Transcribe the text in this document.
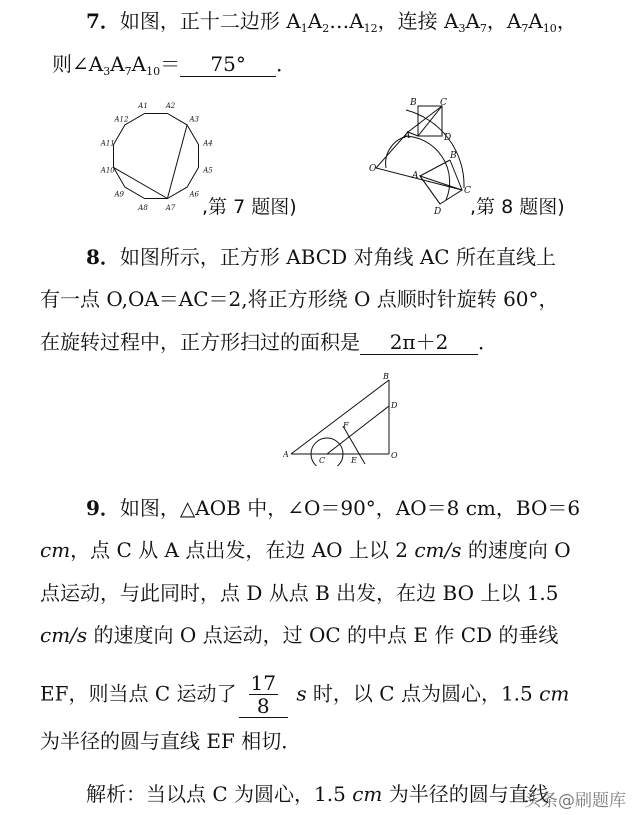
7．如图，正十二边形 $A_1A_2\dots A_{12}$，连接 $A_3A_7$，$A_7A_{10}$，
则$\angle A_3A_7A_{10}= 75^\circ$ ．
A1	A2
A3
A4
A5
A6
A7
A8
A9
A10
A11
A12
,第 7 题图)
B	C
A	D
O
C
A
B
D ,第 8 题图)
8．如图所示，正方形 ABCD 对角线 AC 所在直线上
有一点 O,OA＝AC＝2,将正方形绕 O 点顺时针旋转 60°，
在旋转过程中，正方形扫过的面积是 2π＋2 ．
B
D
F
A
C	E
O
9．如图，△AOB 中，∠O＝90°，AO＝8 cm，BO＝6
cm，点 C 从 A 点出发，在边 AO 上以 2 cm/s 的速度向 O
点运动，与此同时，点 D 从点 B 出发，在边 BO 上以 1.5
cm/s 的速度向 O 点运动，过 OC 的中点 E 作 CD 的垂线
EF，则当点 C 运动了 $\frac{17}{8}$ s 时，以 C 点为圆心，1.5 cm
为半径的圆与直线 EF 相切．
解析：当以点 C 为圆心，1.5 cm 为半径的圆与直线
头条@刷题库
